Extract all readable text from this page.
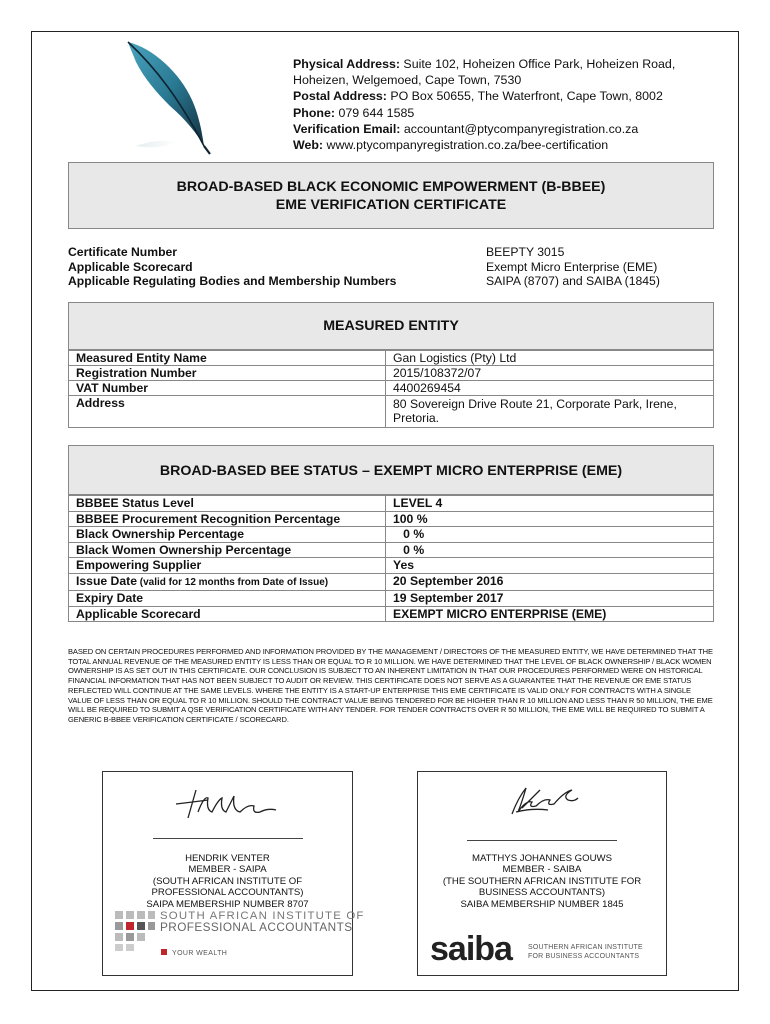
Physical Address: Suite 102, Hoheizen Office Park, Hoheizen Road,
Hoheizen, Welgemoed, Cape Town, 7530
Postal Address: PO Box 50655, The Waterfront, Cape Town, 8002
Phone: 079 644 1585
Verification Email: accountant@ptycompanyregistration.co.za
Web: www.ptycompanyregistration.co.za/bee-certification
BROAD-BASED BLACK ECONOMIC EMPOWERMENT (B-BBEE)
EME VERIFICATION CERTIFICATE
Certificate Number	BEEPTY 3015
Applicable Scorecard	Exempt Micro Enterprise (EME)
Applicable Regulating Bodies and Membership Numbers	SAIPA (8707) and SAIBA (1845)
MEASURED ENTITY
Measured Entity Name	Gan Logistics (Pty) Ltd
Registration Number	2015/108372/07
VAT Number	4400269454
Address	80 Sovereign Drive Route 21, Corporate Park, Irene, Pretoria.
BROAD-BASED BEE STATUS – EXEMPT MICRO ENTERPRISE (EME)
BBBEE Status Level	LEVEL 4
BBBEE Procurement Recognition Percentage	100 %
Black Ownership Percentage	0 %
Black Women Ownership Percentage	0 %
Empowering Supplier	Yes
Issue Date (valid for 12 months from Date of Issue)	20 September 2016
Expiry Date	19 September 2017
Applicable Scorecard	EXEMPT MICRO ENTERPRISE (EME)
BASED ON CERTAIN PROCEDURES PERFORMED AND INFORMATION PROVIDED BY THE MANAGEMENT / DIRECTORS OF THE MEASURED ENTITY, WE HAVE DETERMINED THAT THE TOTAL ANNUAL REVENUE OF THE MEASURED ENTITY IS LESS THAN OR EQUAL TO R 10 MILLION. WE HAVE DETERMINED THAT THE LEVEL OF BLACK OWNERSHIP / BLACK WOMEN OWNERSHIP IS AS SET OUT IN THIS CERTIFICATE. OUR CONCLUSION IS SUBJECT TO AN INHERENT LIMITATION IN THAT OUR PROCEDURES PERFORMED WERE ON HISTORICAL FINANCIAL INFORMATION THAT HAS NOT BEEN SUBJECT TO AUDIT OR REVIEW. THIS CERTIFICATE DOES NOT SERVE AS A GUARANTEE THAT THE REVENUE OR EME STATUS REFLECTED WILL CONTINUE AT THE SAME LEVELS. WHERE THE ENTITY IS A START-UP ENTERPRISE THIS EME CERTIFICATE IS VALID ONLY FOR CONTRACTS WITH A SINGLE VALUE OF LESS THAN OR EQUAL TO R 10 MILLION. SHOULD THE CONTRACT VALUE BEING TENDERED FOR BE HIGHER THAN R 10 MILLION AND LESS THAN R 50 MILLION, THE EME WILL BE REQUIRED TO SUBMIT A QSE VERIFICATION CERTIFICATE WITH ANY TENDER. FOR TENDER CONTRACTS OVER R 50 MILLION, THE EME WILL BE REQUIRED TO SUBMIT A GENERIC B-BBEE VERIFICATION CERTIFICATE / SCORECARD.
HENDRIK VENTER
MEMBER - SAIPA
(SOUTH AFRICAN INSTITUTE OF
PROFESSIONAL ACCOUNTANTS)
SAIPA MEMBERSHIP NUMBER 8707
SOUTH AFRICAN INSTITUTE OF
PROFESSIONAL ACCOUNTANTS
YOUR WEALTH
MATTHYS JOHANNES GOUWS
MEMBER - SAIBA
(THE SOUTHERN AFRICAN INSTITUTE FOR
BUSINESS ACCOUNTANTS)
SAIBA MEMBERSHIP NUMBER 1845
saiba SOUTHERN AFRICAN INSTITUTE
FOR BUSINESS ACCOUNTANTS
